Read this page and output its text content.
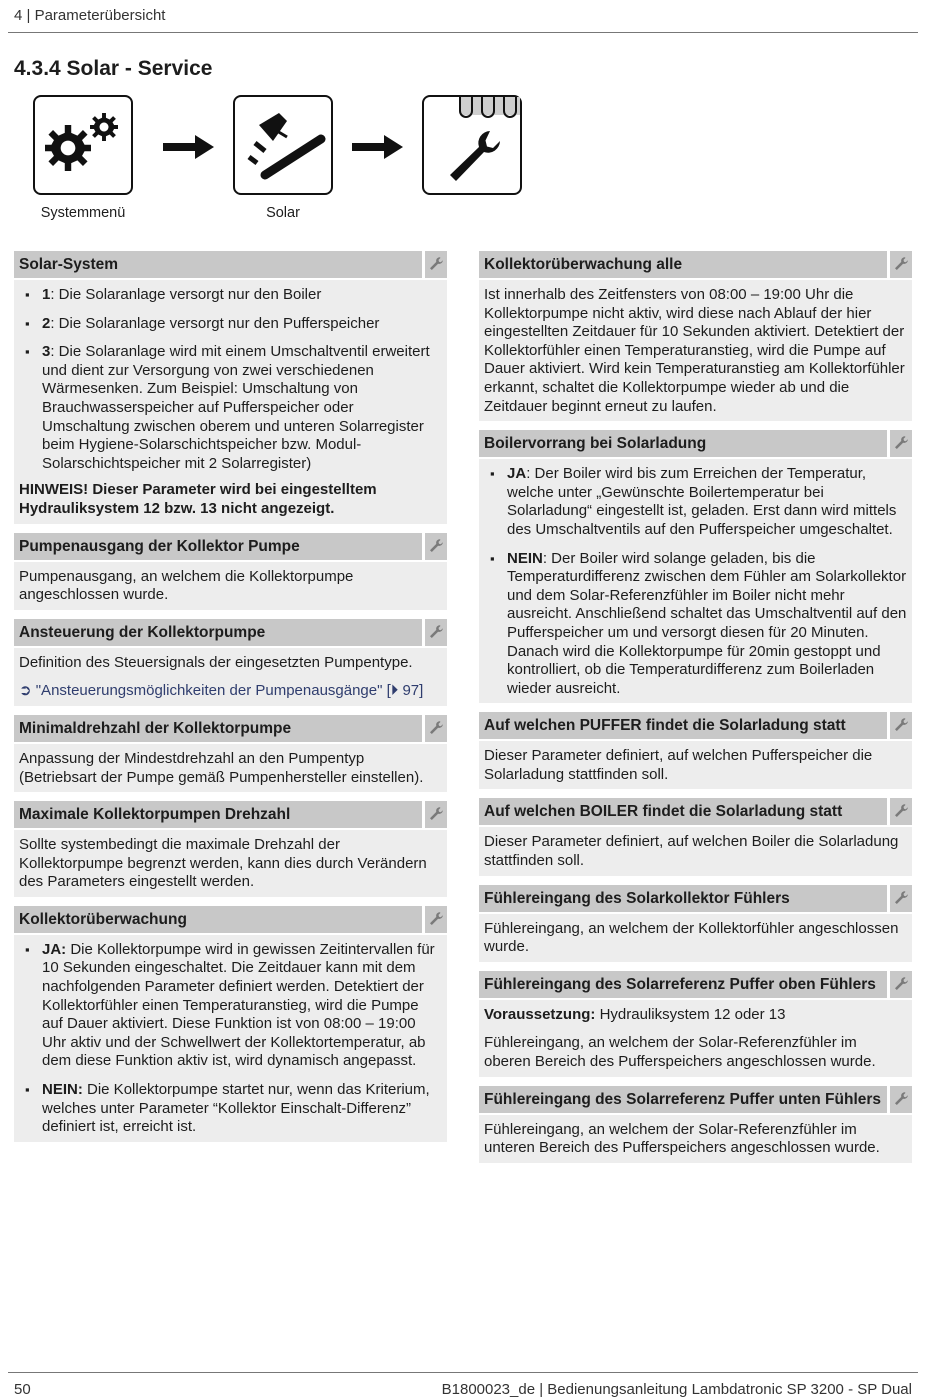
4 | Parameterübersicht
4.3.4 Solar - Service
Systemmenü	Solar
Solar-System
▪ 1: Die Solaranlage versorgt nur den Boiler
▪ 2: Die Solaranlage versorgt nur den Pufferspeicher
▪ 3: Die Solaranlage wird mit einem Umschaltventil erweitert und dient zur Versorgung von zwei verschiedenen Wärmesenken. Zum Beispiel: Umschaltung von Brauchwasserspeicher auf Pufferspeicher oder Umschaltung zwischen oberem und unteren Solarregister beim Hygiene-Solarschichtspeicher bzw. Modul-Solarschichtspeicher mit 2 Solarregister)

HINWEIS! Dieser Parameter wird bei eingestelltem Hydrauliksystem 12 bzw. 13 nicht angezeigt.

Pumpenausgang der Kollektor Pumpe

Pumpenausgang, an welchem die Kollektorpumpe angeschlossen wurde.

Ansteuerung der Kollektorpumpe

Definition des Steuersignals der eingesetzten Pumpentype.

➲ "Ansteuerungsmöglichkeiten der Pumpenausgänge" [⏵ 97]

Minimaldrehzahl der Kollektorpumpe

Anpassung der Mindestdrehzahl an den Pumpentyp (Betriebsart der Pumpe gemäß Pumpenhersteller einstellen).

Maximale Kollektorpumpen Drehzahl

Sollte systembedingt die maximale Drehzahl der Kollektorpumpe begrenzt werden, kann dies durch Verändern des Parameters eingestellt werden.

Kollektorüberwachung
▪ JA: Die Kollektorpumpe wird in gewissen Zeitintervallen für 10 Sekunden eingeschaltet. Die Zeitdauer kann mit dem nachfolgenden Parameter definiert werden. Detektiert der Kollektorfühler einen Temperaturanstieg, wird die Pumpe auf Dauer aktiviert. Diese Funktion ist von 08:00 – 19:00 Uhr aktiv und der Schwellwert der Kollektortemperatur, ab dem diese Funktion aktiv ist, wird dynamisch angepasst.
▪ NEIN: Die Kollektorpumpe startet nur, wenn das Kriterium, welches unter Parameter “Kollektor Einschalt-Differenz” definiert ist, erreicht ist.
Kollektorüberwachung alle

Ist innerhalb des Zeitfensters von 08:00 – 19:00 Uhr die Kollektorpumpe nicht aktiv, wird diese nach Ablauf der hier eingestellten Zeitdauer für 10 Sekunden aktiviert. Detektiert der Kollektorfühler einen Temperaturanstieg, wird die Pumpe auf Dauer aktiviert. Wird kein Temperaturanstieg am Kollektorfühler erkannt, schaltet die Kollektorpumpe wieder ab und die Zeitdauer beginnt erneut zu laufen.

Boilervorrang bei Solarladung
▪ JA: Der Boiler wird bis zum Erreichen der Temperatur, welche unter „Gewünschte Boilertemperatur bei Solarladung“ eingestellt ist, geladen. Erst dann wird mittels des Umschaltventils auf den Pufferspeicher umgeschaltet.
▪ NEIN: Der Boiler wird solange geladen, bis die Temperaturdifferenz zwischen dem Fühler am Solarkollektor und dem Solar-Referenzfühler im Boiler nicht mehr ausreicht. Anschließend schaltet das Umschaltventil auf den Pufferspeicher um und versorgt diesen für 20 Minuten. Danach wird die Kollektorpumpe für 20min gestoppt und kontrolliert, ob die Temperaturdifferenz zum Boilerladen wieder ausreicht.
Auf welchen PUFFER findet die Solarladung statt

Dieser Parameter definiert, auf welchen Pufferspeicher die Solarladung stattfinden soll.

Auf welchen BOILER findet die Solarladung statt

Dieser Parameter definiert, auf welchen Boiler die Solarladung stattfinden soll.

Fühlereingang des Solarkollektor Fühlers

Fühlereingang, an welchem der Kollektorfühler angeschlossen wurde.

Fühlereingang des Solarreferenz Puffer oben Fühlers

Voraussetzung: Hydrauliksystem 12 oder 13

Fühlereingang, an welchem der Solar-Referenzfühler im oberen Bereich des Pufferspeichers angeschlossen wurde.

Fühlereingang des Solarreferenz Puffer unten Fühlers

Fühlereingang, an welchem der Solar-Referenzfühler im unteren Bereich des Pufferspeichers angeschlossen wurde.

50	B1800023_de | Bedienungsanleitung Lambdatronic SP 3200 - SP Dual
